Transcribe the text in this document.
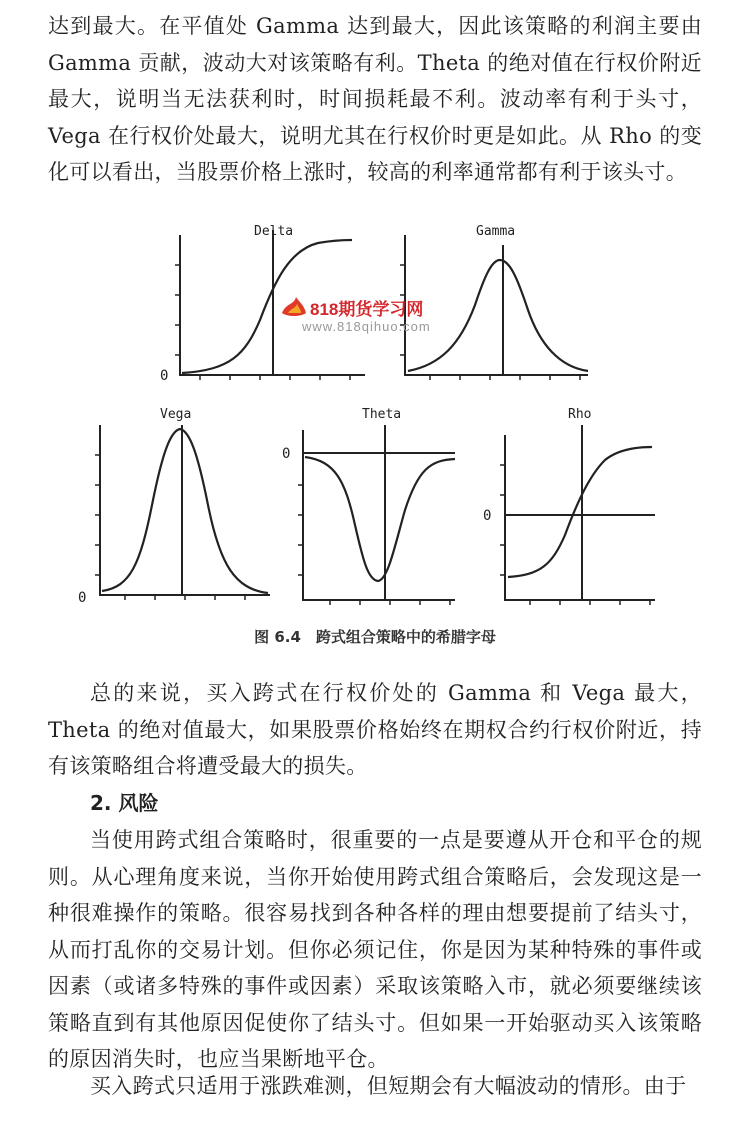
达到最大。在平值处 Gamma 达到最大，因此该策略的利润主要由 Gamma 贡献，波动大对该策略有利。Theta 的绝对值在行权价附近最大，说明当无法获利时，时间损耗最不利。波动率有利于头寸，Vega 在行权价处最大，说明尤其在行权价时更是如此。从 Rho 的变化可以看出，当股票价格上涨时，较高的利率通常都有利于该头寸。
Delta
0
Gamma
Vega
0
Theta
0
Rho
0
818期货学习网
www.818qihuo.com
图 6.4　跨式组合策略中的希腊字母
总的来说，买入跨式在行权价处的 Gamma 和 Vega 最大，Theta 的绝对值最大，如果股票价格始终在期权合约行权价附近，持有该策略组合将遭受最大的损失。
2. 风险
当使用跨式组合策略时，很重要的一点是要遵从开仓和平仓的规则。从心理角度来说，当你开始使用跨式组合策略后，会发现这是一种很难操作的策略。很容易找到各种各样的理由想要提前了结头寸，从而打乱你的交易计划。但你必须记住，你是因为某种特殊的事件或因素（或诸多特殊的事件或因素）采取该策略入市，就必须要继续该策略直到有其他原因促使你了结头寸。但如果一开始驱动买入该策略的原因消失时，也应当果断地平仓。
买入跨式只适用于涨跌难测，但短期会有大幅波动的情形。由于
